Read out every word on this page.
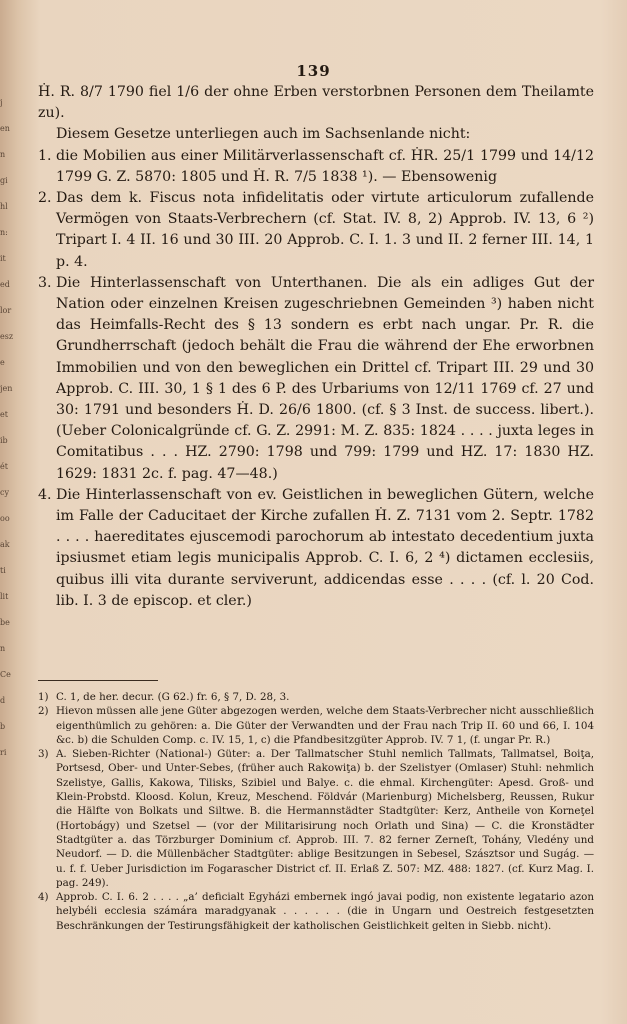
j
en
n
gi
hl
n:
it
ed
lor
esz
e
jen
et
ib
ét
cy
oo
ak
ti
lit
be
n
Ce
d
b
ri
139

Ḣ. R. 8/7 1790 fiel 1/6 der ohne Erben verstorbnen Personen dem Theilamte zu).

Diesem Gesetze unterliegen auch im Sachsenlande nicht:

1. die Mobilien aus einer Militärverlassenschaft cf. ḢR. 25/1 1799 und 14/12 1799 G. Z. 5870: 1805 und Ḣ. R. 7/5 1838 ¹). — Ebensowenig
2. Das dem k. Fiscus nota infidelitatis oder virtute articulorum zufallende Vermögen von Staats-Verbrechern (cf. Stat. IV. 8, 2) Approb. IV. 13, 6 ²) Tripart I. 4 II. 16 und 30 III. 20 Approb. C. I. 1. 3 und II. 2 ferner III. 14, 1 p. 4.
3. Die Hinterlassenschaft von Unterthanen. Die als ein adliges Gut der Nation oder einzelnen Kreisen zugeschriebnen Gemeinden ³) haben nicht das Heimfalls-Recht des § 13 sondern es erbt nach ungar. Pr. R. die Grundherrschaft (jedoch behält die Frau die während der Ehe erworbnen Immobilien und von den beweglichen ein Drittel cf. Tripart III. 29 und 30 Approb. C. III. 30, 1 § 1 des 6 P. des Urbariums von 12/11 1769 cf. 27 und 30: 1791 und besonders Ḣ. D. 26/6 1800. (cf. § 3 Inst. de success. libert.). (Ueber Colonicalgründe cf. G. Z. 2991: M. Z. 835: 1824 . . . . juxta leges in Comitatibus . . . HZ. 2790: 1798 und 799: 1799 und HZ. 17: 1830 HZ. 1629: 1831 2c. f. pag. 47—48.)
4. Die Hinterlassenschaft von ev. Geistlichen in beweglichen Gütern, welche im Falle der Caducitaet der Kirche zufallen Ḣ. Z. 7131 vom 2. Septr. 1782 . . . . haereditates ejuscemodi parochorum ab intestato decedentium juxta ipsiusmet etiam legis municipalis Approb. C. I. 6, 2 ⁴) dictamen ecclesiis, quibus illi vita durante serviverunt, addicendas esse . . . . (cf. l. 20 Cod. lib. I. 3 de episcop. et cler.)

1) C. 1, de her. decur. (G 62.) fr. 6, § 7, D. 28, 3.

2) Hievon müssen alle jene Güter abgezogen werden, welche dem Staats-Verbrecher nicht ausschließlich eigenthümlich zu gehören: a. Die Güter der Verwandten und der Frau nach Trip II. 60 und 66, I. 104 &c. b) die Schulden Comp. c. IV. 15, 1, c) die Pfandbesitzgüter Approb. IV. 7 1, (f. ungar Pr. R.)

3) A. Sieben-Richter (National-) Güter: a. Der Tallmatscher Stuhl nemlich Tallmats, Tallmatsel, Boiţa, Portsesd, Ober- und Unter-Sebes, (früher auch Rakowiţa) b. der Szelistyer (Omlaser) Stuhl: nehmlich Szelistye, Gallis, Kakowa, Tilisks, Szibiel und Balye. c. die ehmal. Kirchengüter: Apesd. Groß- und Klein-Probstd. Kloosd. Kolun, Kreuz, Meschend. Földvár (Marienburg) Michelsberg, Reussen, Rukur die Hälfte von Bolkats und Siltwe. B. die Hermannstädter Stadtgüter: Kerz, Antheile von Korneţel (Hortobágy) und Szetsel — (vor der Militarisirung noch Orlath und Sina) — C. die Kronstädter Stadtgüter a. das Törzburger Dominium cf. Approb. III. 7. 82 ferner Zerneſt, Tohány, Vledény und Neudorf. — D. die Müllenbächer Stadtgüter: ablige Besitzungen in Sebesel, Szásztsor und Sugág. — u. f. f. Ueber Jurisdiction im Fogarascher District cf. II. Erlaß Z. 507: MZ. 488: 1827. (cf. Kurz Mag. I. pag. 249).

4) Approb. C. I. 6. 2 . . . . „a’ deficialt Egyházi embernek ingó javai podig, non existente legatario azon helybéli ecclesia számára maradgyanak . . . . . . (die in Ungarn und Oestreich festgesetzten Beschränkungen der Testirungsfähigkeit der katholischen Geistlichkeit gelten in Siebb. nicht).
